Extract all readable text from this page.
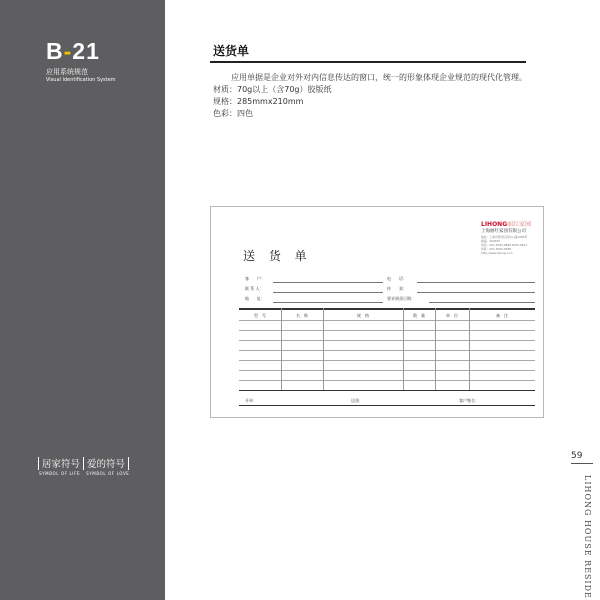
B-21
应用系统规范
Visual Identification System
居家符号 爱的符号
SYMBOL OF LIFE SYMBOL OF LOVE
送货单

应用单据是企业对外对内信息传达的窗口，统一的形象体现企业规范的现代化管理。

材质：70g以上（含70g）胶版纸

规格：285mmx210mm

色彩：四色

LIHONG丽红家园
上海丽红家园有限公司
地址：上海市普陀区真华公路1088号
邮编：200435
电话：021-6765-9898 6765-6613
传真：021-6765-9288
http://www.lihong.com
送 货 单
客　　户：	电　　话：
联 系 人：	传　　真：
地　　址：	要求到货日期：
型　号	名　称	规　格	数　量	单　位	备　注
开单：	送货：	客户签名：
59
LIHONG HOUSE RESIDE
